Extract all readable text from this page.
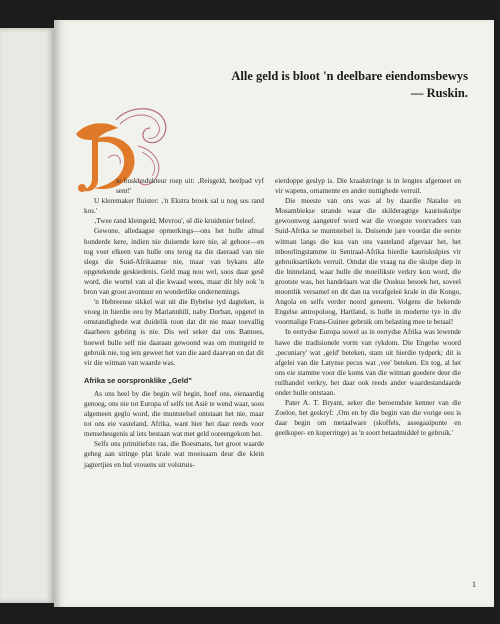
Alle geld is bloot 'n deelbare eiendomsbewys
— Ruskin.

ie buskondukteur roep uit: ‚Reisgeld, heelpad vyf sent!'

U kleremaker fluister: ‚'n Ekstra broek sal u nog ses rand kos.'

‚Twee rand kleingeld, Mevrou', sê die kruidenier beleef.

Gewone, alledaagse opmerkings—ons het hulle almal honderde kere, indien nie duisende kere nie, al gehoor—en tog voer elkeen van hulle ons terug na die daeraad van nie slegs die Suid-Afrikaanse nie, maar van bykans alle opgetekende geskiedenis. Geld mag nou wel, soos daar gesê word, die wortel van al die kwaad wees, maar dit bly ook 'n bron van groot avontuur en wonderlike ondernemings.

'n Hebreeuse sikkel wat uit die Bybelse tyd dagteken, is vroeg in hierdie eeu by Mariannhill, naby Durban, opgetel in omstandighede wat duidelik toon dat dit nie maar toevallig daarheen gebring is nie. Dis wel seker dat ons Bantoes, hoewel hulle self nie daaraan gewoond was om muntgeld te gebruik nie, tog iets geweet het van die aard daarvan en dat dit vir die witman van waarde was.

Afrika se oorspronklike „Geld"

As ons heel by die begin wil begin, hoef ons, eienaardig genoeg, ons nie tot Europa of selfs tot Asië te wend waar, soos algemeen geglo word, die muntstelsel ontstaan het nie, maar tot ons eie vasteland, Afrika, want hier het daar reeds voor menseheugenis al iets bestaan wat met geld ooreengekom het.

Selfs ons primitiefste ras, die Boesmans, het groot waarde geheg aan stringe plat krale wat moeisaam deur die klein jagtertjies en hul vrouens uit volstruis-

eierdoppe geslyp is. Die kraalstringe is in lengtes afgemeet en vir wapens, ornamente en ander nuttighede verruil.

Die meeste van ons was al by daardie Natalse en Mosambiekse strande waar die skilderagtige kaurisskulpe gewoonweg aangetref word wat die vroegste voorvaders van Suid-Afrika se muntstelsel is. Duisende jare voordat die eerste witman langs die kus van ons vasteland afgevaar het, het inboorlingstamme in Sentraal-Afrika hierdie kauriskulpies vir gebruiksartikels verruil. Omdat die vraag na die skulpe diep in die binneland, waar hulle die moeilikste verkry kon word, die grootste was, het handelaars wat die Ooskus besoek het, soveel moontlik versamel en dit dan na verafgeleë krale in die Kongo, Angola en selfs verder noord geneem. Volgens die bekende Engelse antropoloog, Hartland, is hulle in moderne tye in die voormalige Frans-Guinee gebruik om belasting mee te betaal!

In eertydse Europa sowel as in eertydse Afrika was lewende hawe die tradisionele vorm van rykdom. Die Engelse woord ‚pecuniary' wat ‚geld' beteken, stam uit hierdie tydperk; dit is afgelei van die Latynse pecus wat ‚vee' beteken. En tog, al het ons eie stamme voor die koms van die witman goedere deur die ruilhandel verkry, het daar ook reeds ander waardestandaarde onder hulle ontstaan.

Pater A. T. Bryant, seker die beroemdste kenner van die Zoeloe, het geskryf: ‚Om en by die begin van die vorige eeu is daar begin om metaalware (skoffels, assegaaipunte en geelkoper- en koperringe) as 'n soort betaalmiddel te gebruik.'

1
